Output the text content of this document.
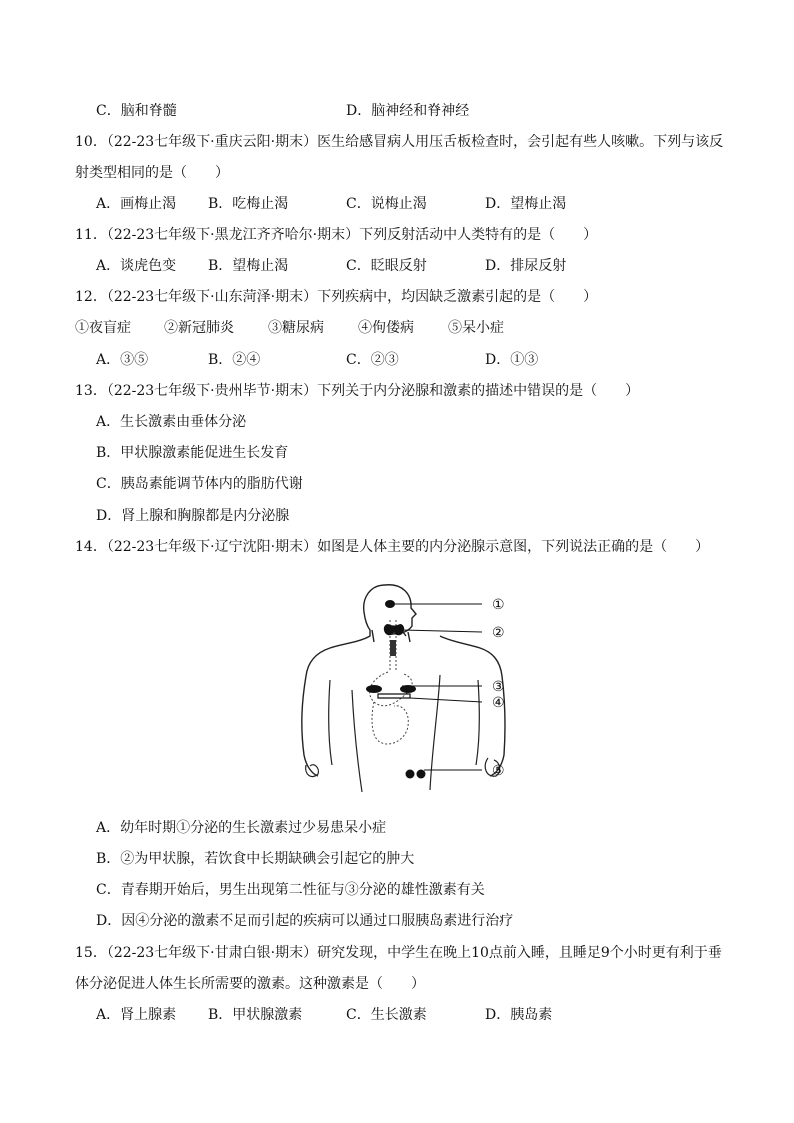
C．脑和脊髓	D．脑神经和脊神经
10．（22-23七年级下·重庆云阳·期末）医生给感冒病人用压舌板检查时，会引起有些人咳嗽。下列与该反
射类型相同的是（　　）
A．画梅止渴 B．吃梅止渴	C．说梅止渴	D．望梅止渴
11．（22-23七年级下·黑龙江齐齐哈尔·期末）下列反射活动中人类特有的是（　　）
A．谈虎色变 B．望梅止渴	C．眨眼反射	D．排尿反射
12．（22-23七年级下·山东菏泽·期末）下列疾病中，均因缺乏激素引起的是（　　）
①夜盲症 ②新冠肺炎 ③糖尿病 ④佝偻病 ⑤呆小症
A．③⑤	B．②④	C．②③	D．①③
13．（22-23七年级下·贵州毕节·期末）下列关于内分泌腺和激素的描述中错误的是（　　）
A．生长激素由垂体分泌
B．甲状腺激素能促进生长发育
C．胰岛素能调节体内的脂肪代谢
D．肾上腺和胸腺都是内分泌腺
14．（22-23七年级下·辽宁沈阳·期末）如图是人体主要的内分泌腺示意图，下列说法正确的是（　　）
①
②
③
④
⑤
A．幼年时期①分泌的生长激素过少易患呆小症
B．②为甲状腺，若饮食中长期缺碘会引起它的肿大
C．青春期开始后，男生出现第二性征与③分泌的雄性激素有关
D．因④分泌的激素不足而引起的疾病可以通过口服胰岛素进行治疗
15．（22-23七年级下·甘肃白银·期末）研究发现，中学生在晚上10点前入睡，且睡足9个小时更有利于垂
体分泌促进人体生长所需要的激素。这种激素是（　　）
A．肾上腺素 B．甲状腺激素	C．生长激素	D．胰岛素
